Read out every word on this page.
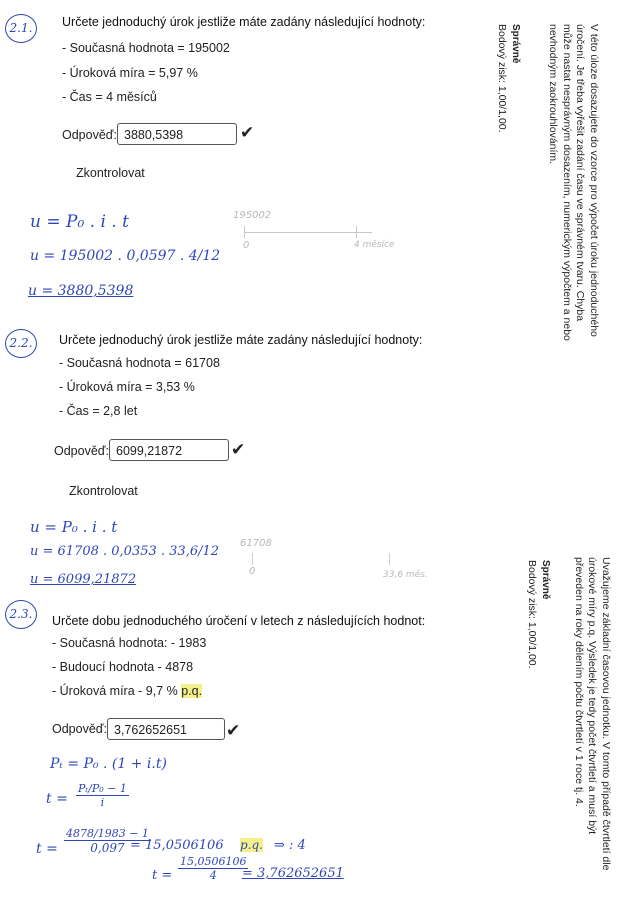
2.1.	Určete jednoduchý úrok jestliže máte zadány následující hodnoty:
- Současná hodnota = 195002
- Úroková míra = 5,97 %
- Čas = 4 měsíců
Odpověď: 3880,5398	✔
Zkontrolovat
u = P₀ . i . t
u = 195002 . 0,0597 . 4/12
u = 3880,5398
195002
0	4 měsíce	V této úloze dosazujete do vzorce pro výpočet úroku jednoduchého
úročení. Je třeba vyřešit zadání času ve správném tvaru. Chyba
může nastat nesprávným dosazením, numerickým výpočtem a nebo
nevhodným zaokrouhlováním.
Správně
Bodový zisk: 1,00/1,00.
2.2.	Určete jednoduchý úrok jestliže máte zadány následující hodnoty:
- Současná hodnota = 61708
- Úroková míra = 3,53 %
- Čas = 2,8 let
Odpověď: 6099,21872	✔
Zkontrolovat
u = P₀ . i . t
u = 61708 . 0,0353 . 33,6/12
u = 6099,21872
61708
0	33,6 měs.
2.3.	Určete dobu jednoduchého úročení v letech z následujících hodnot:
- Současná hodnota: - 1983
- Budoucí hodnota - 4878
- Úroková míra - 9,7 % p.q.
Odpověď: 3,762652651	✔
Pₜ = P₀ . (1 + i.t)
$t = \frac{\text{Pₜ/P₀ − 1}}{i}$
$t = \frac{4878/1983 - 1}{0,097}$
= 15,0506106 p.q. ⇒ : 4
$t = \frac{15,0506106}{4}$
= 3,762652651
Uvažujeme základní časovou jednotku. V tomto případě čtvrtletí dle
úrokové míry p.q. Výsledek je tedy počet čtvrtletí a musí být
převeden na roky dělením počtu čtvrtletí v 1 roce tj. 4.
Správně
Bodový zisk: 1,00/1,00.
